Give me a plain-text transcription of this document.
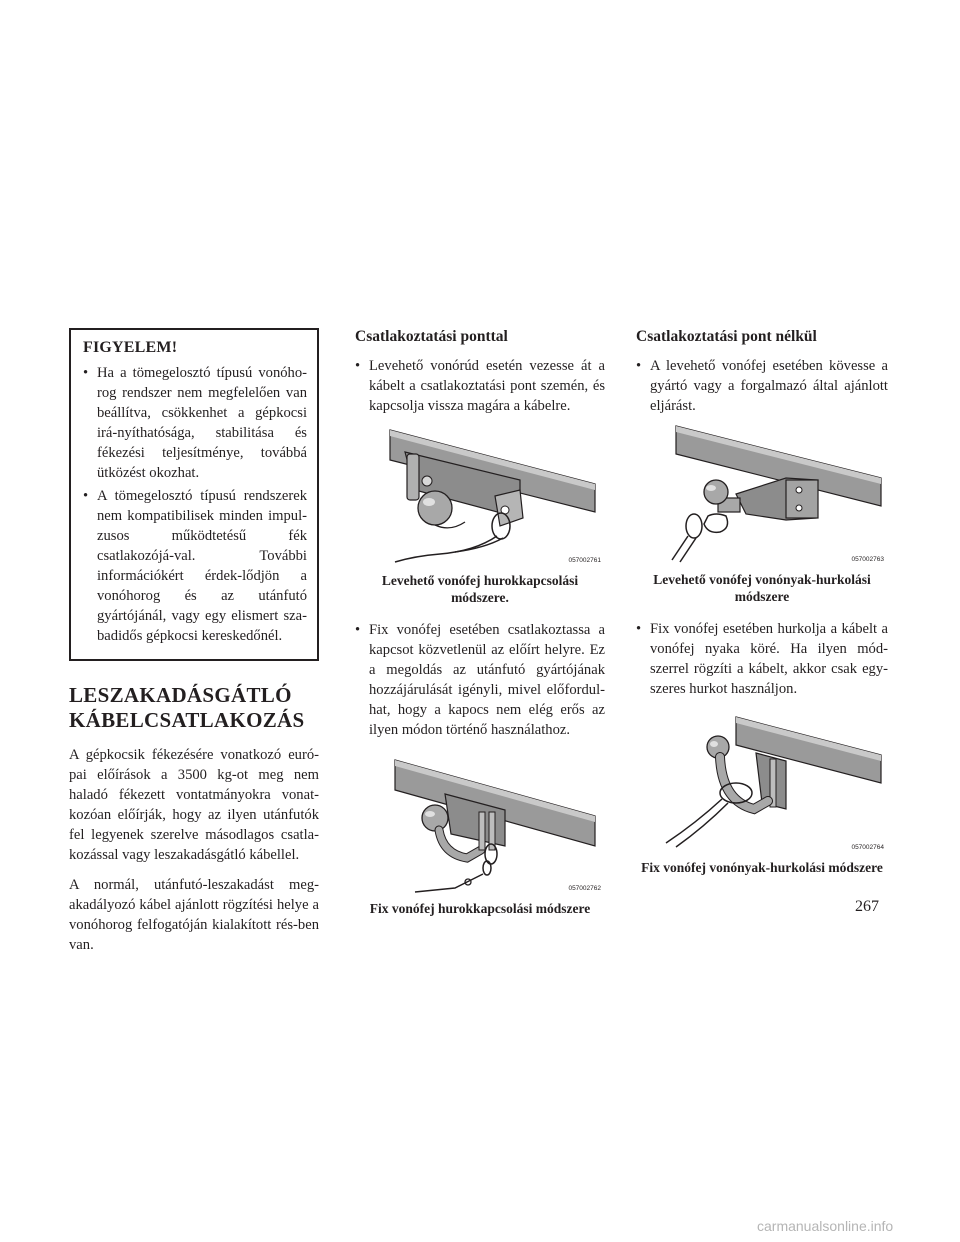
FIGYELEM!
• Ha a tömegelosztó típusú vonóho-rog rendszer nem megfelelően van beállítva, csökkenhet a gépkocsi irá-nyíthatósága, stabilitása és fékezési teljesítménye, továbbá ütközést okozhat.
• A tömegelosztó típusú rendszerek nem kompatibilisek minden impul-zusos működtetésű fék csatlakozójá-val. További információkért érdek-lődjön a vonóhorog és az utánfutó gyártójánál, vagy egy elismert sza-badidős gépkocsi kereskedőnél.
LESZAKADÁSGÁTLÓ
KÁBELCSATLAKOZÁS

A gépkocsik fékezésére vonatkozó euró-pai előírások a 3500 kg-ot meg nem haladó fékezett vontatmányokra vonat-kozóan előírják, hogy az ilyen utánfutók fel legyenek szerelve másodlagos csatla-kozással vagy leszakadásgátló kábellel.

A normál, utánfutó-leszakadást meg-akadályozó kábel ajánlott rögzítési helye a vonóhorog felfogatóján kialakított rés-ben van.

Csatlakoztatási ponttal
• Levehető vonórúd esetén vezesse át a kábelt a csatlakoztatási pont szemén, és kapcsolja vissza magára a kábelre.
057002761
Levehető vonófej hurokkapcsolási módszere.
• Fix vonófej esetében csatlakoztassa a kapcsot közvetlenül az előírt helyre. Ez a megoldás az utánfutó gyártójának hozzájárulását igényli, mivel előfordul-hat, hogy a kapocs nem elég erős az ilyen módon történő használathoz.
057002762
Fix vonófej hurokkapcsolási módszere
Csatlakoztatási pont nélkül
• A levehető vonófej esetében kövesse a gyártó vagy a forgalmazó által ajánlott eljárást.
057002763
Levehető vonófej vonónyak-hurkolási módszere
• Fix vonófej esetében hurkolja a kábelt a vonófej nyaka köré. Ha ilyen mód-szerrel rögzíti a kábelt, akkor csak egy-szeres hurkot használjon.
057002764
Fix vonófej vonónyak-hurkolási módszere
267
carmanualsonline.info
